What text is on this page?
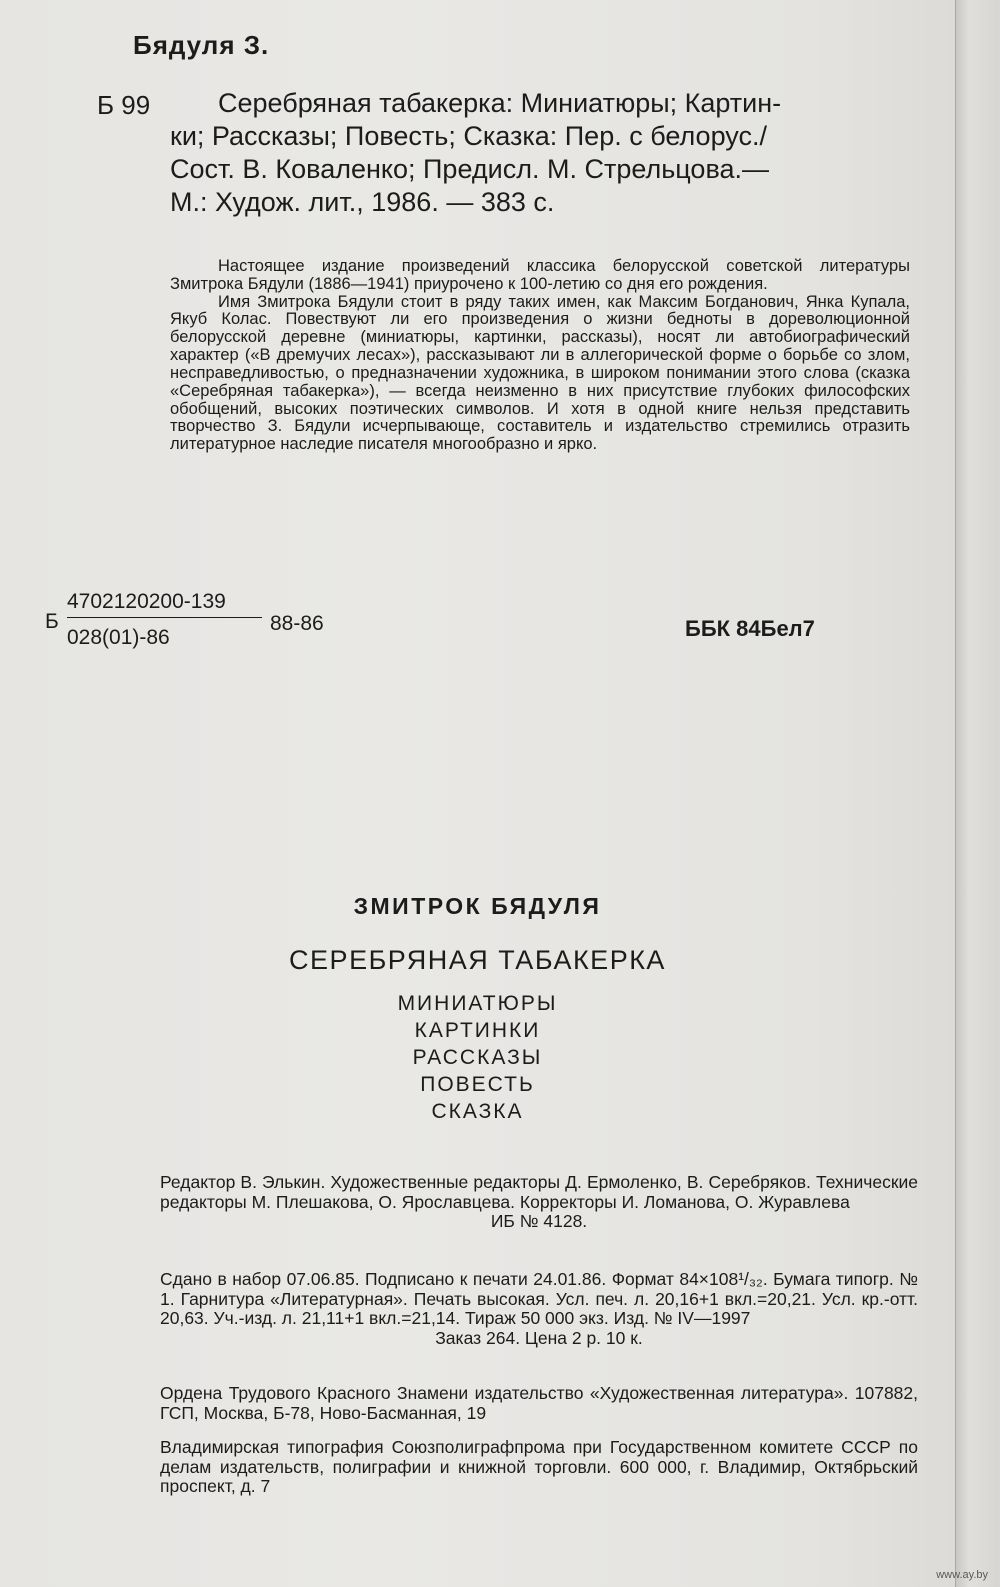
Бядуля З.
Б 99	Серебряная табакерка: Миниатюры; Картин-
ки; Рассказы; Повесть; Сказка: Пер. с белорус./
Сост. В. Коваленко; Предисл. М. Стрельцова.—
М.: Худож. лит., 1986. — 383 с.

Настоящее издание произведений классика белорусской советской литературы Змитрока Бядули (1886—1941) приурочено к 100-летию со дня его рождения.

Имя Змитрока Бядули стоит в ряду таких имен, как Максим Богданович, Янка Купала, Якуб Колас. Повествуют ли его произведения о жизни бедноты в дореволюционной белорусской деревне (миниатюры, картинки, рассказы), носят ли автобиографический характер («В дремучих лесах»), рассказывают ли в аллегорической форме о борьбе со злом, несправедливостью, о предназначении художника, в широком понимании этого слова (сказка «Серебряная табакерка»), — всегда неизменно в них присутствие глубоких философских обобщений, высоких поэтических символов. И хотя в одной книге нельзя представить творчество З. Бядули исчерпывающе, составитель и издательство стремились отразить литературное наследие писателя многообразно и ярко.

Б
4702120200-139
028(01)-86
88-86	ББК 84Бел7
ЗМИТРОК БЯДУЛЯ
СЕРЕБРЯНАЯ ТАБАКЕРКА
МИНИАТЮРЫ
КАРТИНКИ
РАССКАЗЫ
ПОВЕСТЬ
СКАЗКА
Редактор В. Элькин. Художественные редакторы Д. Ермоленко, В. Серебряков. Технические редакторы М. Плешакова, О. Ярославцева. Корректоры И. Ломанова, О. Журавлева
ИБ № 4128.
Сдано в набор 07.06.85. Подписано к печати 24.01.86. Формат 84×108¹/₃₂. Бумага типогр. № 1. Гарнитура «Литературная». Печать высокая. Усл. печ. л. 20,16+1 вкл.=20,21. Усл. кр.-отт. 20,63. Уч.-изд. л. 21,11+1 вкл.=21,14. Тираж 50 000 экз. Изд. № IV—1997
Заказ 264. Цена 2 р. 10 к.
Ордена Трудового Красного Знамени издательство «Художественная литература». 107882, ГСП, Москва, Б-78, Ново-Басманная, 19
Владимирская типография Союзполиграфпрома при Государственном комитете СССР по делам издательств, полиграфии и книжной торговли. 600 000, г. Владимир, Октябрьский проспект, д. 7
www.ay.by
